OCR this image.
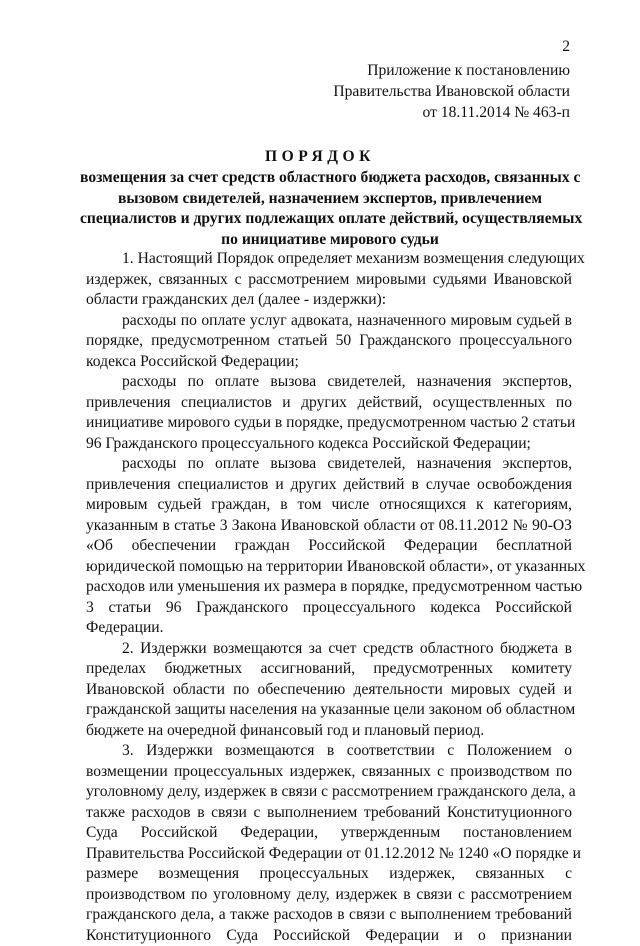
2
Приложение к постановлению
Правительства Ивановской области
от 18.11.2014 № 463-п
ПОРЯДОК
возмещения за счет средств областного бюджета расходов, связанных с
вызовом свидетелей, назначением экспертов, привлечением
специалистов и других подлежащих оплате действий, осуществляемых
по инициативе мирового судьи
1. Настоящий Порядок определяет механизм возмещения следующих
издержек, связанных с рассмотрением мировыми судьями Ивановской
области гражданских дел (далее - издержки):
расходы по оплате услуг адвоката, назначенного мировым судьей в
порядке, предусмотренном статьей 50 Гражданского процессуального
кодекса Российской Федерации;
расходы по оплате вызова свидетелей, назначения экспертов,
привлечения специалистов и других действий, осуществленных по
инициативе мирового судьи в порядке, предусмотренном частью 2 статьи
96 Гражданского процессуального кодекса Российской Федерации;
расходы по оплате вызова свидетелей, назначения экспертов,
привлечения специалистов и других действий в случае освобождения
мировым судьей граждан, в том числе относящихся к категориям,
указанным в статье 3 Закона Ивановской области от 08.11.2012 № 90-ОЗ
«Об обеспечении граждан Российской Федерации бесплатной
юридической помощью на территории Ивановской области», от указанных
расходов или уменьшения их размера в порядке, предусмотренном частью
3 статьи 96 Гражданского процессуального кодекса Российской
Федерации.
2. Издержки возмещаются за счет средств областного бюджета в
пределах бюджетных ассигнований, предусмотренных комитету
Ивановской области по обеспечению деятельности мировых судей и
гражданской защиты населения на указанные цели законом об областном
бюджете на очередной финансовый год и плановый период.
3. Издержки возмещаются в соответствии с Положением о
возмещении процессуальных издержек, связанных с производством по
уголовному делу, издержек в связи с рассмотрением гражданского дела, а
также расходов в связи с выполнением требований Конституционного
Суда Российской Федерации, утвержденным постановлением
Правительства Российской Федерации от 01.12.2012 № 1240 «О порядке и
размере возмещения процессуальных издержек, связанных с
производством по уголовному делу, издержек в связи с рассмотрением
гражданского дела, а также расходов в связи с выполнением требований
Конституционного Суда Российской Федерации и о признании
